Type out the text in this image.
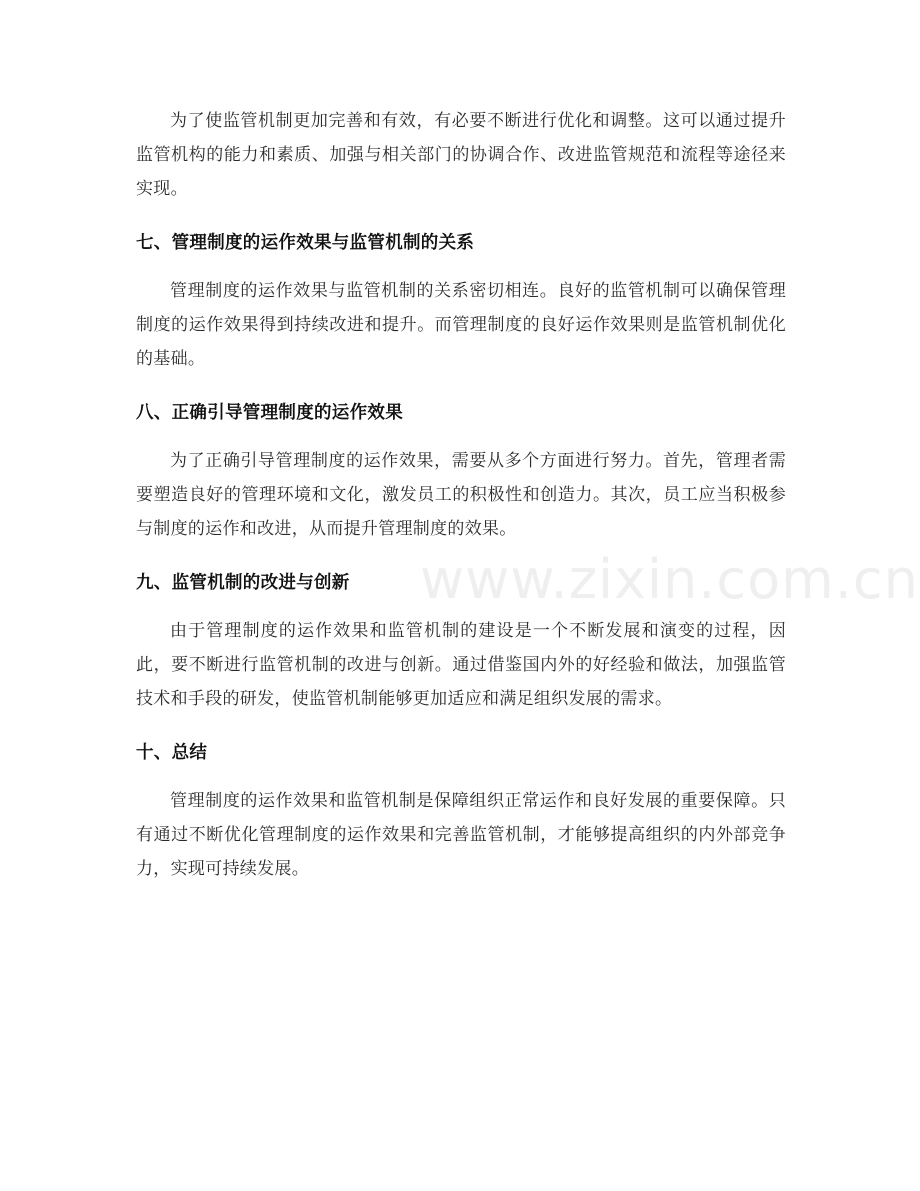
为了使监管机制更加完善和有效，有必要不断进行优化和调整。这可以通过提升监管机构的能力和素质、加强与相关部门的协调合作、改进监管规范和流程等途径来实现。

七、管理制度的运作效果与监管机制的关系

管理制度的运作效果与监管机制的关系密切相连。良好的监管机制可以确保管理制度的运作效果得到持续改进和提升。而管理制度的良好运作效果则是监管机制优化的基础。

八、正确引导管理制度的运作效果

为了正确引导管理制度的运作效果，需要从多个方面进行努力。首先，管理者需要塑造良好的管理环境和文化，激发员工的积极性和创造力。其次，员工应当积极参与制度的运作和改进，从而提升管理制度的效果。

九、监管机制的改进与创新

由于管理制度的运作效果和监管机制的建设是一个不断发展和演变的过程，因此，要不断进行监管机制的改进与创新。通过借鉴国内外的好经验和做法，加强监管技术和手段的研发，使监管机制能够更加适应和满足组织发展的需求。

十、总结

管理制度的运作效果和监管机制是保障组织正常运作和良好发展的重要保障。只有通过不断优化管理制度的运作效果和完善监管机制，才能够提高组织的内外部竞争力，实现可持续发展。

www.zixin.com.cn
